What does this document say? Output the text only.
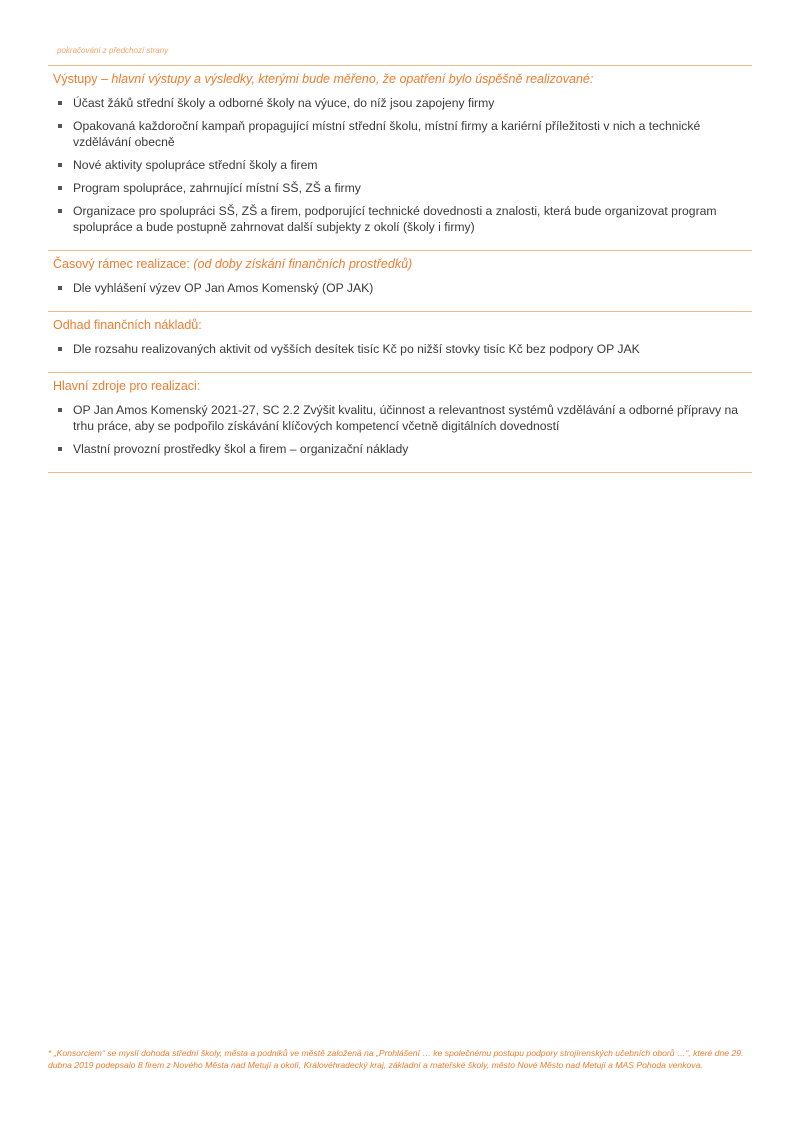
pokračování z předchozí strany

Výstupy – hlavní výstupy a výsledky, kterými bude měřeno, že opatření bylo úspěšně realizované:

Účast žáků střední školy a odborné školy na výuce, do níž jsou zapojeny firmy
Opakovaná každoroční kampaň propagující místní střední školu, místní firmy a kariérní příležitosti v nich a technické vzdělávání obecně
Nové aktivity spolupráce střední školy a firem
Program spolupráce, zahrnující místní SŠ, ZŠ a firmy
Organizace pro spolupráci SŠ, ZŠ a firem, podporující technické dovednosti a znalosti, která bude organizovat program spolupráce a bude postupně zahrnovat další subjekty z okolí (školy i firmy)

Časový rámec realizace: (od doby získání finančních prostředků)

Dle vyhlášení výzev OP Jan Amos Komenský (OP JAK)

Odhad finančních nákladů:

Dle rozsahu realizovaných aktivit od vyšších desítek tisíc Kč po nižší stovky tisíc Kč bez podpory OP JAK

Hlavní zdroje pro realizaci:

OP Jan Amos Komenský 2021-27, SC 2.2 Zvýšit kvalitu, účinnost a relevantnost systémů vzdělávání a odborné přípravy na trhu práce, aby se podpořilo získávání klíčových kompetencí včetně digitálních dovedností
Vlastní provozní prostředky škol a firem – organizační náklady
* „Konsorciem“ se myslí dohoda střední školy, města a podniků ve městě založená na „Prohlášení … ke společnému postupu podpory strojírenských učebních oborů …“, které dne 29. dubna 2019 podepsalo 8 firem z Nového Města nad Metují a okolí, Královéhradecký kraj, základní a mateřské školy, město Nové Město nad Metují a MAS Pohoda venkova.
